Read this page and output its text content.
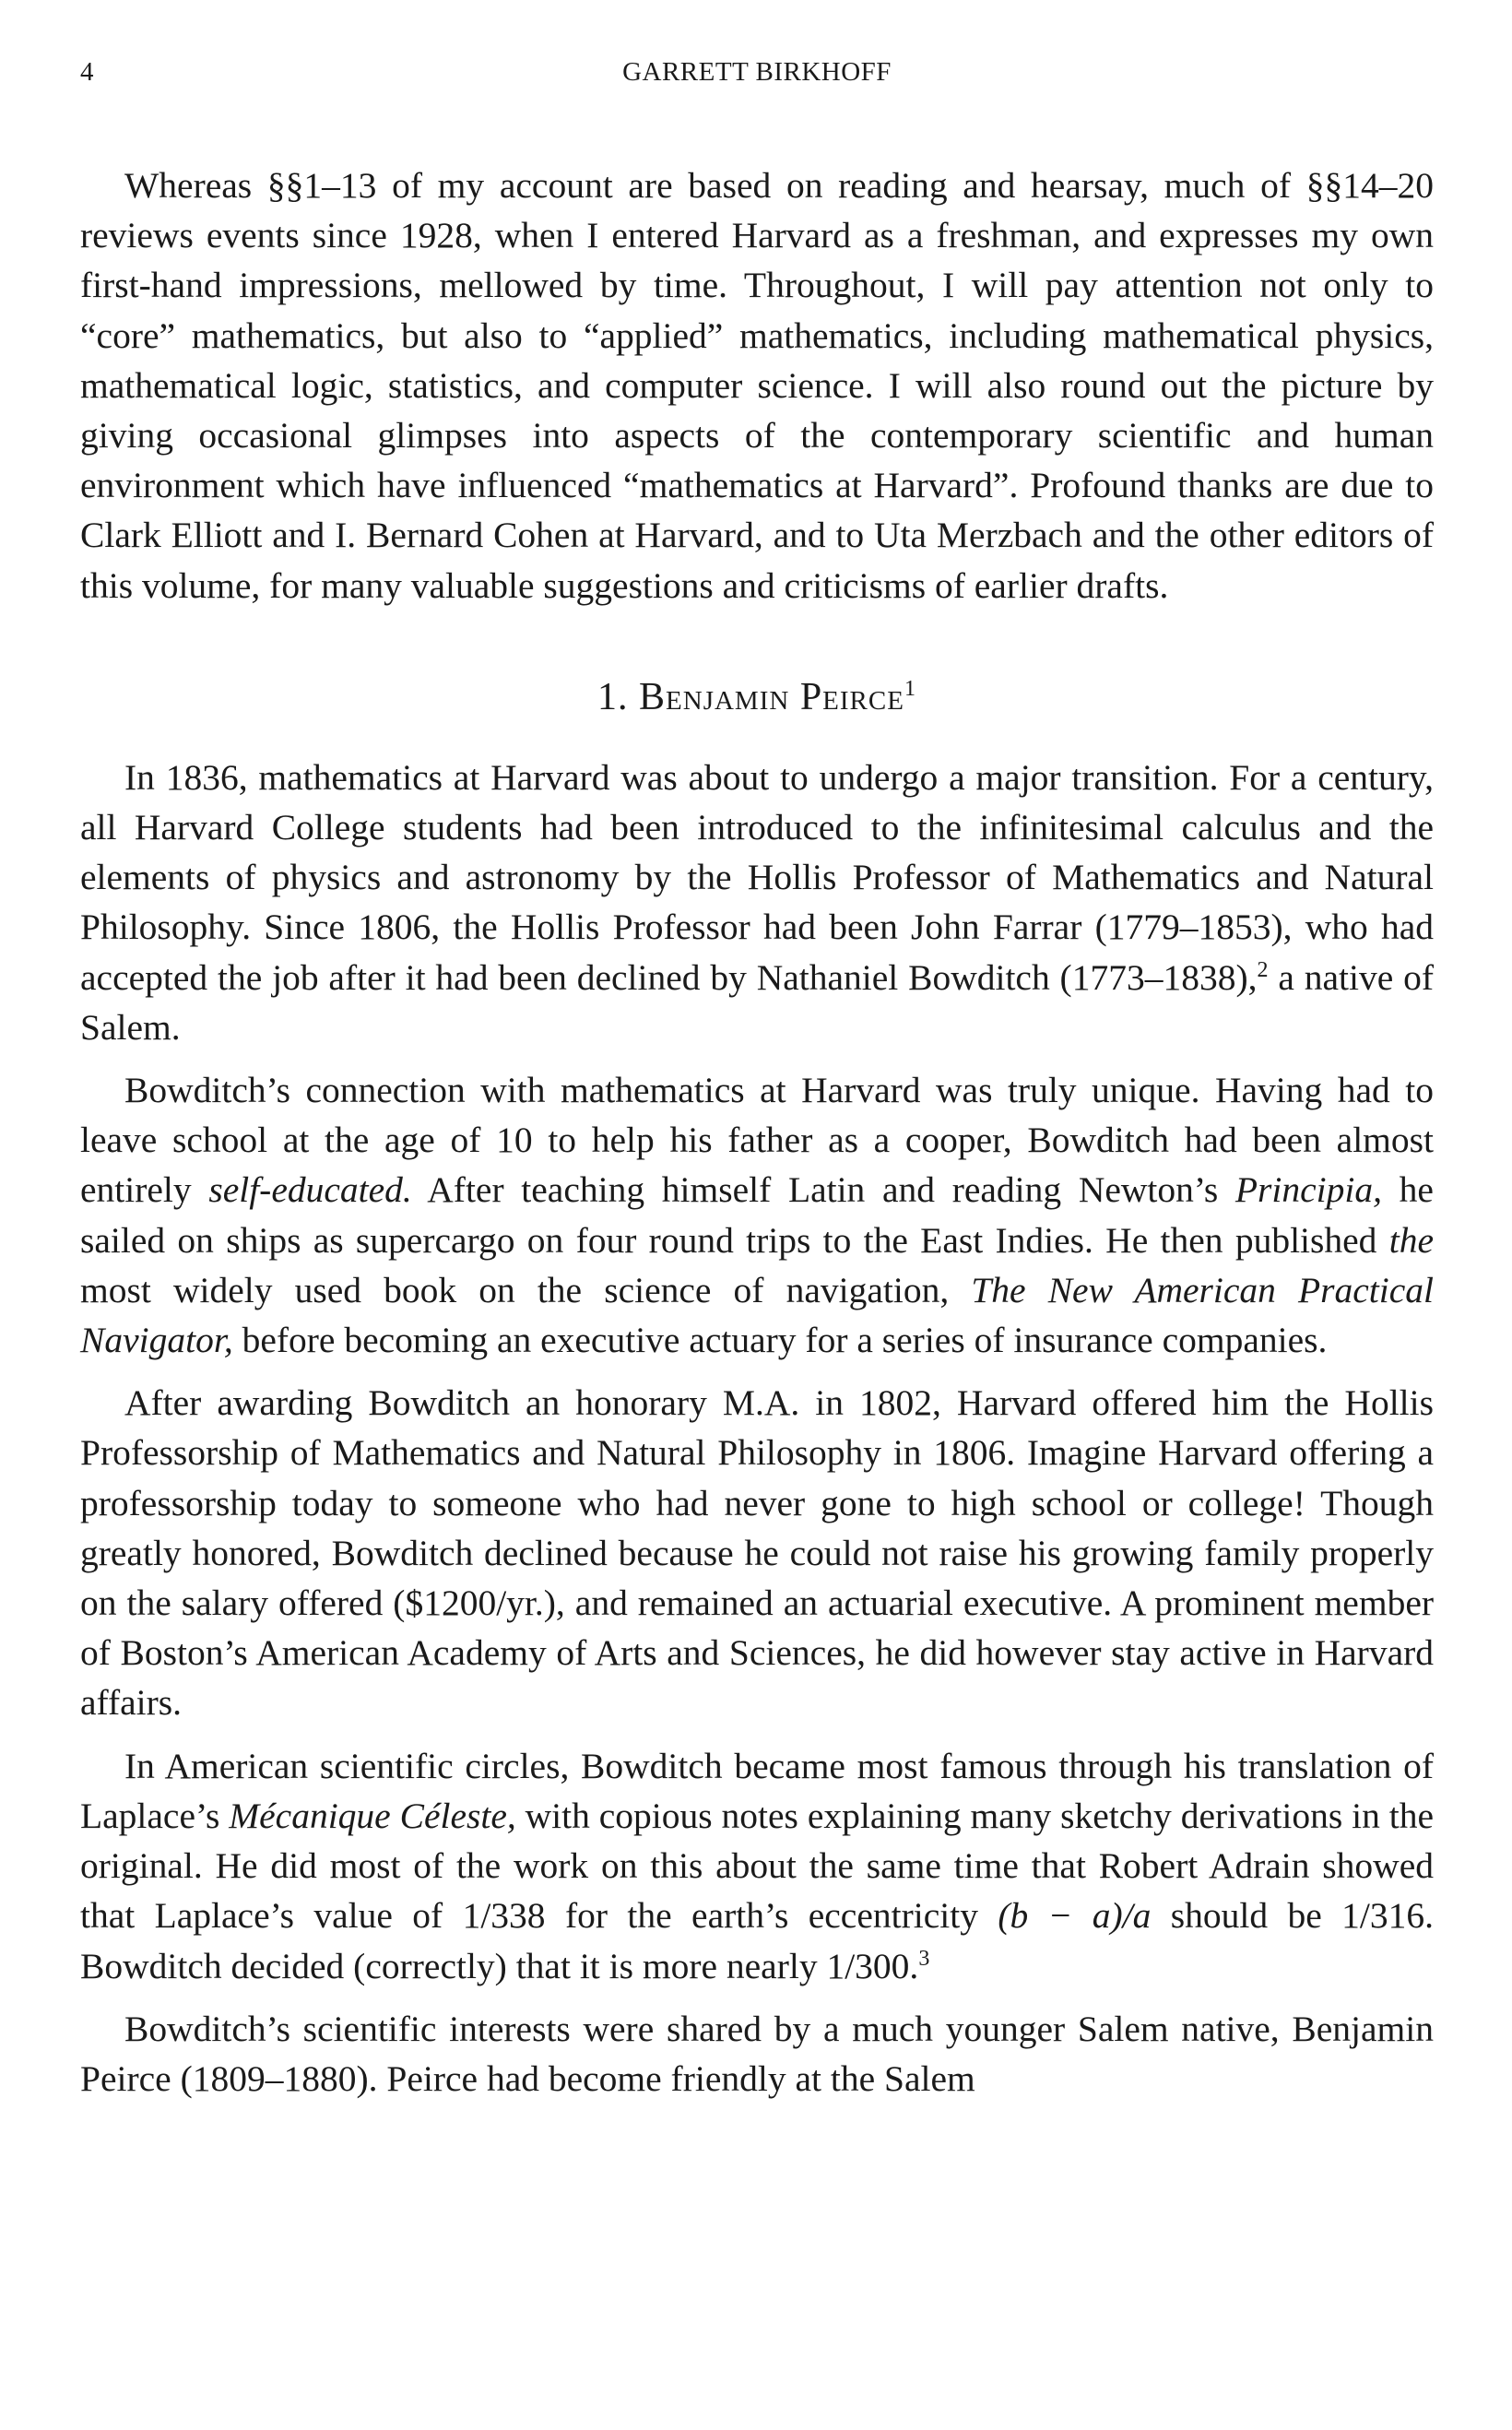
4	GARRETT BIRKHOFF

Whereas §§1–13 of my account are based on reading and hearsay, much of §§14–20 reviews events since 1928, when I entered Harvard as a freshman, and expresses my own first-hand impressions, mellowed by time. Throughout, I will pay attention not only to “core” mathematics, but also to “applied” mathematics, including mathematical physics, mathematical logic, statistics, and computer science. I will also round out the picture by giving occasional glimpses into aspects of the contemporary scientific and human environment which have influenced “mathematics at Harvard”. Profound thanks are due to Clark Elliott and I. Bernard Cohen at Harvard, and to Uta Merzbach and the other editors of this volume, for many valuable suggestions and criticisms of earlier drafts.

1. Benjamin Peirce$^1$

In 1836, mathematics at Harvard was about to undergo a major transition. For a century, all Harvard College students had been introduced to the infinitesimal calculus and the elements of physics and astronomy by the Hollis Professor of Mathematics and Natural Philosophy. Since 1806, the Hollis Professor had been John Farrar (1779–1853), who had accepted the job after it had been declined by Nathaniel Bowditch (1773–1838),$^2$ a native of Salem.

Bowditch’s connection with mathematics at Harvard was truly unique. Having had to leave school at the age of 10 to help his father as a cooper, Bowditch had been almost entirely self-educated. After teaching himself Latin and reading Newton’s Principia, he sailed on ships as supercargo on four round trips to the East Indies. He then published the most widely used book on the science of navigation, The New American Practical Navigator, before becoming an executive actuary for a series of insurance companies.

After awarding Bowditch an honorary M.A. in 1802, Harvard offered him the Hollis Professorship of Mathematics and Natural Philosophy in 1806. Imagine Harvard offering a professorship today to someone who had never gone to high school or college! Though greatly honored, Bowditch declined because he could not raise his growing family properly on the salary offered ($1200/yr.), and remained an actuarial executive. A prominent member of Boston’s American Academy of Arts and Sciences, he did however stay active in Harvard affairs.

In American scientific circles, Bowditch became most famous through his translation of Laplace’s Mécanique Céleste, with copious notes explaining many sketchy derivations in the original. He did most of the work on this about the same time that Robert Adrain showed that Laplace’s value of 1/338 for the earth’s eccentricity (b − a)/a should be 1/316. Bowditch decided (correctly) that it is more nearly 1/300.$^3$

Bowditch’s scientific interests were shared by a much younger Salem native, Benjamin Peirce (1809–1880). Peirce had become friendly at the Salem
